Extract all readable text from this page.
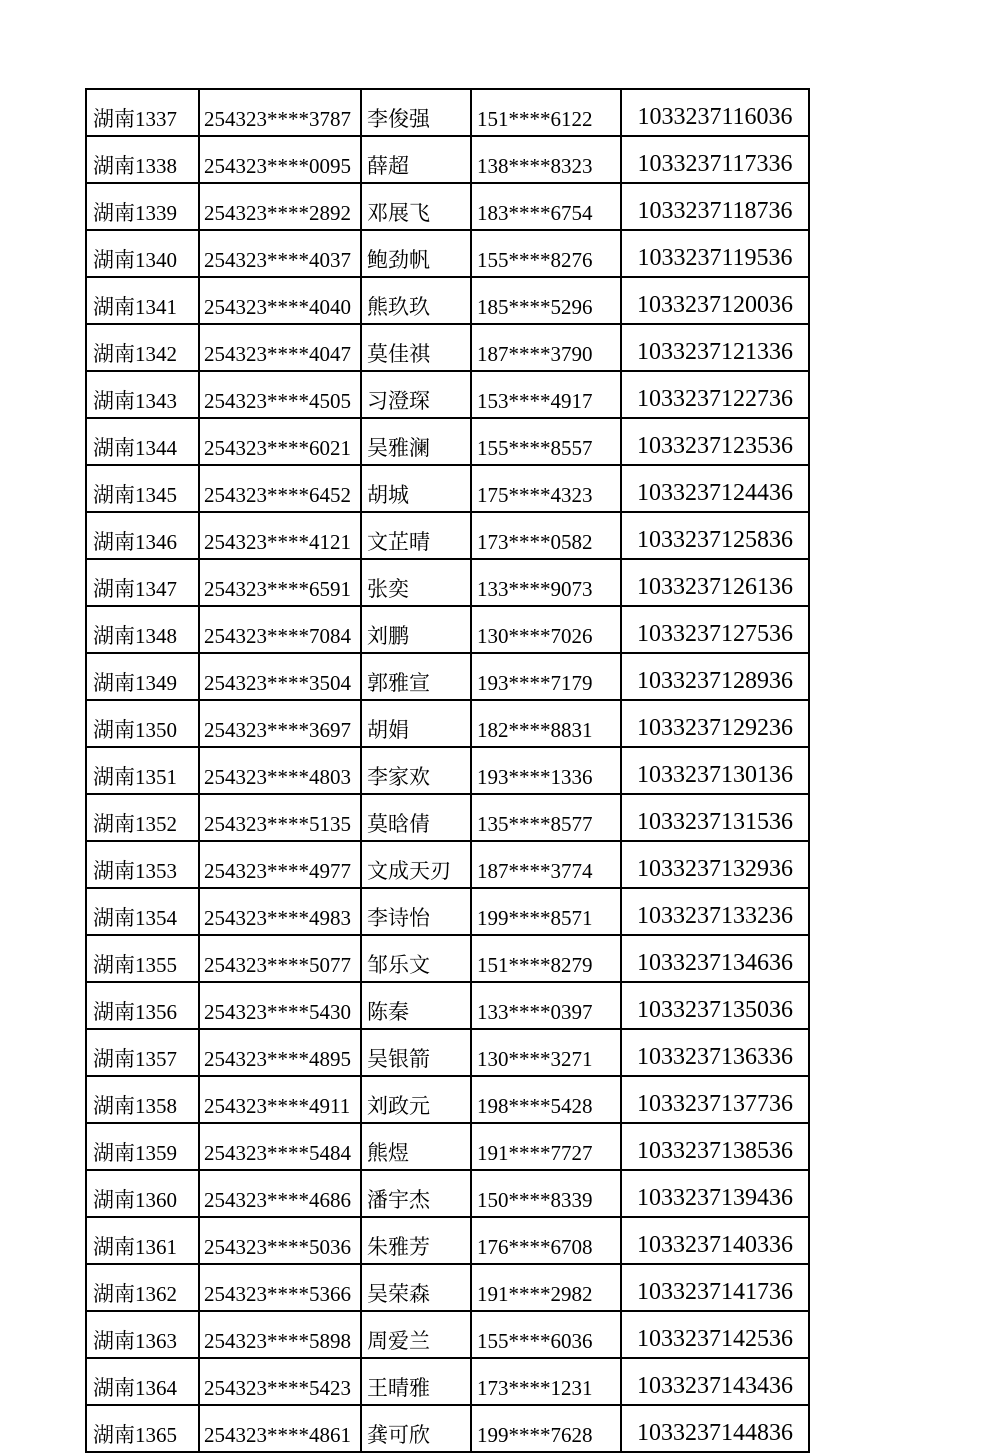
湖南1337	254323****3787	李俊强	151****6122	1033237116036
湖南1338	254323****0095	薛超	138****8323	1033237117336
湖南1339	254323****2892	邓展飞	183****6754	1033237118736
湖南1340	254323****4037	鲍劲帆	155****8276	1033237119536
湖南1341	254323****4040	熊玖玖	185****5296	1033237120036
湖南1342	254323****4047	莫佳祺	187****3790	1033237121336
湖南1343	254323****4505	习澄琛	153****4917	1033237122736
湖南1344	254323****6021	吴雅澜	155****8557	1033237123536
湖南1345	254323****6452	胡城	175****4323	1033237124436
湖南1346	254323****4121	文芷晴	173****0582	1033237125836
湖南1347	254323****6591	张奕	133****9073	1033237126136
湖南1348	254323****7084	刘鹏	130****7026	1033237127536
湖南1349	254323****3504	郭雅宣	193****7179	1033237128936
湖南1350	254323****3697	胡娟	182****8831	1033237129236
湖南1351	254323****4803	李家欢	193****1336	1033237130136
湖南1352	254323****5135	莫晗倩	135****8577	1033237131536
湖南1353	254323****4977	文成天刃	187****3774	1033237132936
湖南1354	254323****4983	李诗怡	199****8571	1033237133236
湖南1355	254323****5077	邹乐文	151****8279	1033237134636
湖南1356	254323****5430	陈秦	133****0397	1033237135036
湖南1357	254323****4895	吴银箭	130****3271	1033237136336
湖南1358	254323****4911	刘政元	198****5428	1033237137736
湖南1359	254323****5484	熊煜	191****7727	1033237138536
湖南1360	254323****4686	潘宇杰	150****8339	1033237139436
湖南1361	254323****5036	朱雅芳	176****6708	1033237140336
湖南1362	254323****5366	吴荣森	191****2982	1033237141736
湖南1363	254323****5898	周爱兰	155****6036	1033237142536
湖南1364	254323****5423	王晴雅	173****1231	1033237143436
湖南1365	254323****4861	龚可欣	199****7628	1033237144836
